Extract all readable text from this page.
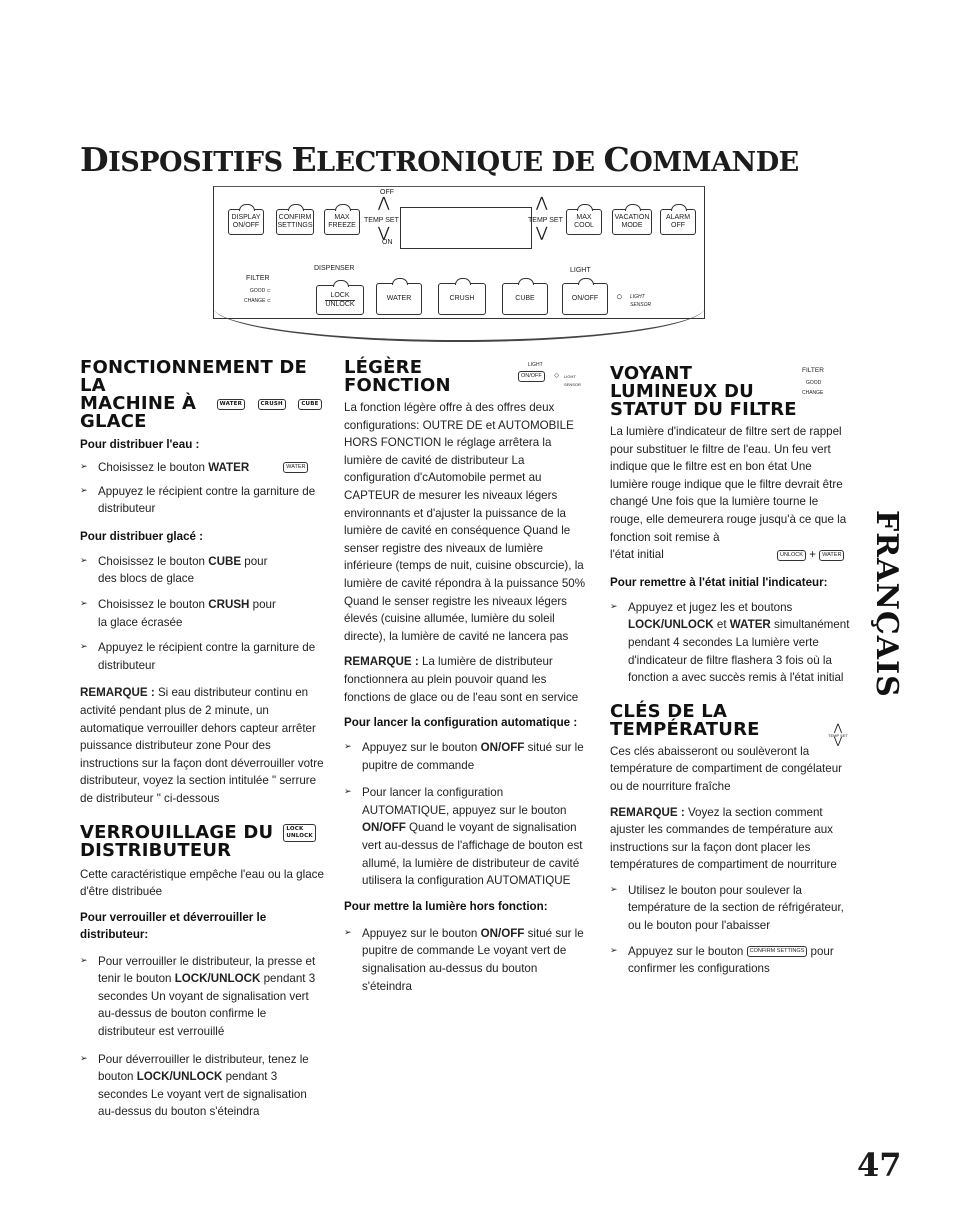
DISPOSITIFS ELECTRONIQUE DE COMMANDE
DISPLAY
ON/OFF
CONFIRM
SETTINGS
MAX
FREEZE
OFF
⋀
TEMP SET
⋁
ON
TEMP SET
⋀
⋁
MAX
COOL
VACATION
MODE
ALARM
OFF
DISPENSER	LIGHT
FILTER
GOOD ⊂
CHANGE ⊂
LOCK
UNLOCK
WATER	CRUSH	CUBE	ON/OFF ○ LIGHT SENSOR
FONCTIONNEMENT DE LA
MACHINE À	WATER	CRUSH	CUBE
GLACE
Pour distribuer l'eau :
➢ Choisissez le bouton WATER	WATER
➢ Appuyez le récipient contre la garniture de distributeur
Pour distribuer glacé :
➢ Choisissez le bouton CUBE pour des blocs de glace
➢ Choisissez le bouton CRUSH pour la glace écrasée
➢ Appuyez le récipient contre la garniture de distributeur
REMARQUE : Si eau distributeur continu en activité pendant plus de 2 minute, un automatique verrouiller dehors capteur arrêter puissance distributeur zone Pour des instructions sur la façon dont déverrouiller votre distributeur, voyez la section intitulée " serrure de distributeur " ci-dessous
VERROUILLAGE DU LOCK
UNLOCK
DISTRIBUTEUR
Cette caractéristique empêche l'eau ou la glace d'être distribuée
Pour verrouiller et déverrouiller le distributeur:
➢ Pour verrouiller le distributeur, la presse et tenir le bouton LOCK/UNLOCK pendant 3 secondes Un voyant de signalisation vert au-dessus de bouton confirme le distributeur est verrouillé
➢ Pour déverrouiller le distributeur, tenez le bouton LOCK/UNLOCK pendant 3 secondes Le voyant vert de signalisation au-dessus du bouton s'éteindra
LÉGÈRE
FONCTION
LIGHT
ON/OFF	○ LIGHT SENSOR
La fonction légère offre à des offres deux configurations: OUTRE DE et AUTOMOBILE HORS FONCTION le réglage arrêtera la lumière de cavité de distributeur La configuration d'cAutomobile permet au CAPTEUR de mesurer les niveaux légers environnants et d'ajuster la puissance de la lumière de cavité en conséquence Quand le senser registre des niveaux de lumière inférieure (temps de nuit, cuisine obscurcie), la lumière de cavité répondra à la puissance 50% Quand le senser registre les niveaux légers élevés (cuisine allumée, lumière du soleil directe), la lumière de cavité ne lancera pas
REMARQUE : La lumière de distributeur fonctionnera au plein pouvoir quand les fonctions de glace ou de l'eau sont en service
Pour lancer la configuration automatique :
➢ Appuyez sur le bouton ON/OFF situé sur le pupitre de commande
➢ Pour lancer la configuration AUTOMATIQUE, appuyez sur le bouton ON/OFF Quand le voyant de signalisation vert au-dessus de l'affichage de bouton est allumé, la lumière de distributeur de cavité utilisera la configuration AUTOMATIQUE
Pour mettre la lumière hors fonction:
➢ Appuyez sur le bouton ON/OFF situé sur le pupitre de commande Le voyant vert de signalisation au-dessus du bouton s'éteindra
VOYANT
LUMINEUX DU
STATUT DU FILTRE
FILTER
GOOD
CHANGE
La lumière d'indicateur de filtre sert de rappel pour substituer le filtre de l'eau. Un feu vert indique que le filtre est en bon état Une lumière rouge indique que le filtre devrait être changé Une fois que la lumière tourne le rouge, elle demeurera rouge jusqu'à ce que la fonction soit remise à
l'état initial	UNLOCK + WATER
Pour remettre à l'état initial l'indicateur:
➢ Appuyez et jugez les et boutons LOCK/UNLOCK et WATER simultanément pendant 4 secondes La lumière verte d'indicateur de filtre flashera 3 fois où la fonction a avec succès remis à l'état initial
CLÉS DE LA
TEMPÉRATURE	⋀
TEMP SET
⋁
Ces clés abaisseront ou soulèveront la température de compartiment de congélateur ou de nourriture fraîche
REMARQUE : Voyez la section comment ajuster les commandes de température aux instructions sur la façon dont placer les températures de compartiment de nourriture
➢ Utilisez le bouton pour soulever la température de la section de réfrigérateur, ou le bouton pour l'abaisser
➢ Appuyez sur le bouton CONFIRM SETTINGS pour confirmer les configurations
FRANÇAIS
47
